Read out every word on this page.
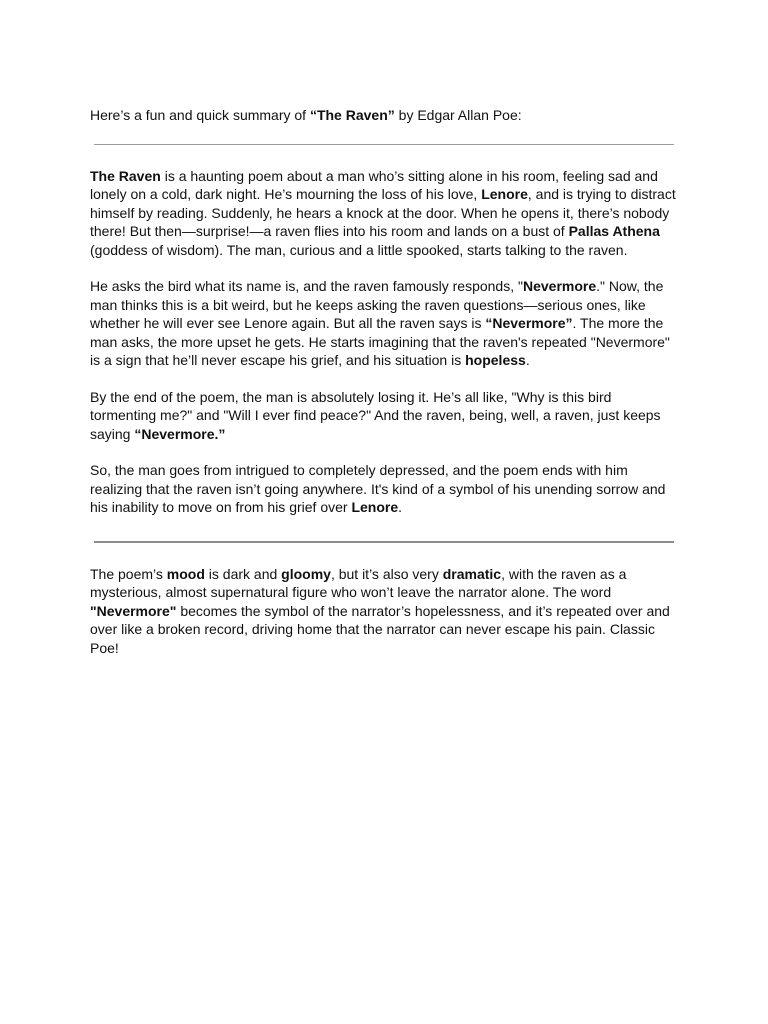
Here’s a fun and quick summary of “The Raven” by Edgar Allan Poe:

The Raven is a haunting poem about a man who’s sitting alone in his room, feeling sad and lonely on a cold, dark night. He’s mourning the loss of his love, Lenore, and is trying to distract himself by reading. Suddenly, he hears a knock at the door. When he opens it, there’s nobody there! But then—surprise!—a raven flies into his room and lands on a bust of Pallas Athena (goddess of wisdom). The man, curious and a little spooked, starts talking to the raven.

He asks the bird what its name is, and the raven famously responds, "Nevermore." Now, the man thinks this is a bit weird, but he keeps asking the raven questions—serious ones, like whether he will ever see Lenore again. But all the raven says is “Nevermore”. The more the man asks, the more upset he gets. He starts imagining that the raven's repeated "Nevermore" is a sign that he’ll never escape his grief, and his situation is hopeless.

By the end of the poem, the man is absolutely losing it. He’s all like, "Why is this bird tormenting me?" and "Will I ever find peace?" And the raven, being, well, a raven, just keeps saying “Nevermore.”

So, the man goes from intrigued to completely depressed, and the poem ends with him realizing that the raven isn’t going anywhere. It's kind of a symbol of his unending sorrow and his inability to move on from his grief over Lenore.

The poem’s mood is dark and gloomy, but it’s also very dramatic, with the raven as a mysterious, almost supernatural figure who won’t leave the narrator alone. The word "Nevermore" becomes the symbol of the narrator’s hopelessness, and it’s repeated over and over like a broken record, driving home that the narrator can never escape his pain. Classic Poe!
